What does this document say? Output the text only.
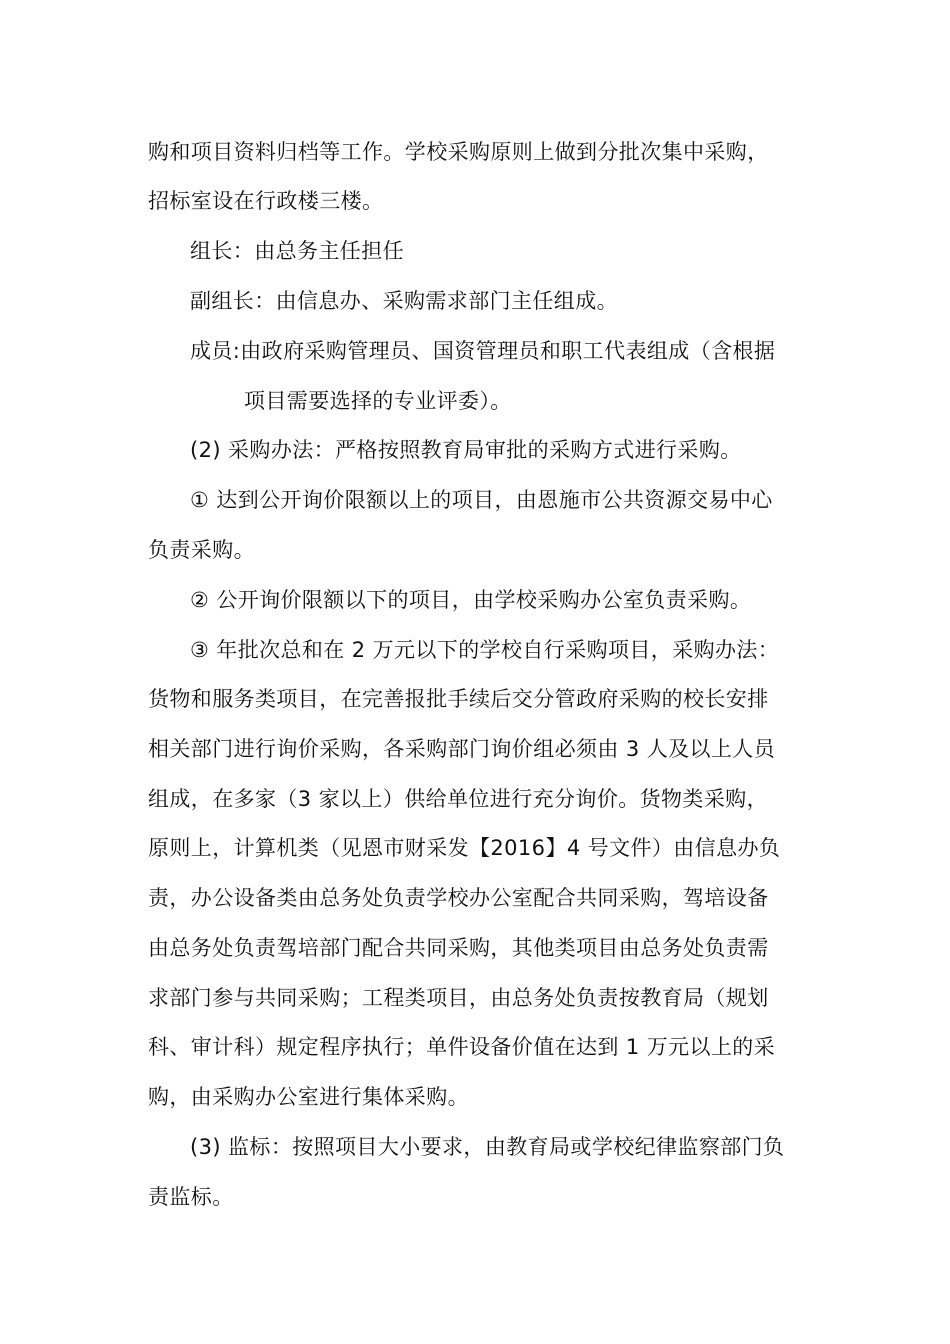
购和项目资料归档等工作。学校采购原则上做到分批次集中采购，
招标室设在行政楼三楼。
组长：由总务主任担任
副组长：由信息办、采购需求部门主任组成。
成员:由政府采购管理员、国资管理员和职工代表组成（含根据
项目需要选择的专业评委）。
(2) 采购办法：严格按照教育局审批的采购方式进行采购。
① 达到公开询价限额以上的项目，由恩施市公共资源交易中心
负责采购。
② 公开询价限额以下的项目，由学校采购办公室负责采购。
③ 年批次总和在 2 万元以下的学校自行采购项目，采购办法：
货物和服务类项目，在完善报批手续后交分管政府采购的校长安排
相关部门进行询价采购，各采购部门询价组必须由 3 人及以上人员
组成，在多家（3 家以上）供给单位进行充分询价。货物类采购，
原则上，计算机类（见恩市财采发【2016】4 号文件）由信息办负
责，办公设备类由总务处负责学校办公室配合共同采购，驾培设备
由总务处负责驾培部门配合共同采购，其他类项目由总务处负责需
求部门参与共同采购；工程类项目，由总务处负责按教育局（规划
科、审计科）规定程序执行；单件设备价值在达到 1 万元以上的采
购，由采购办公室进行集体采购。
(3) 监标：按照项目大小要求，由教育局或学校纪律监察部门负
责监标。
